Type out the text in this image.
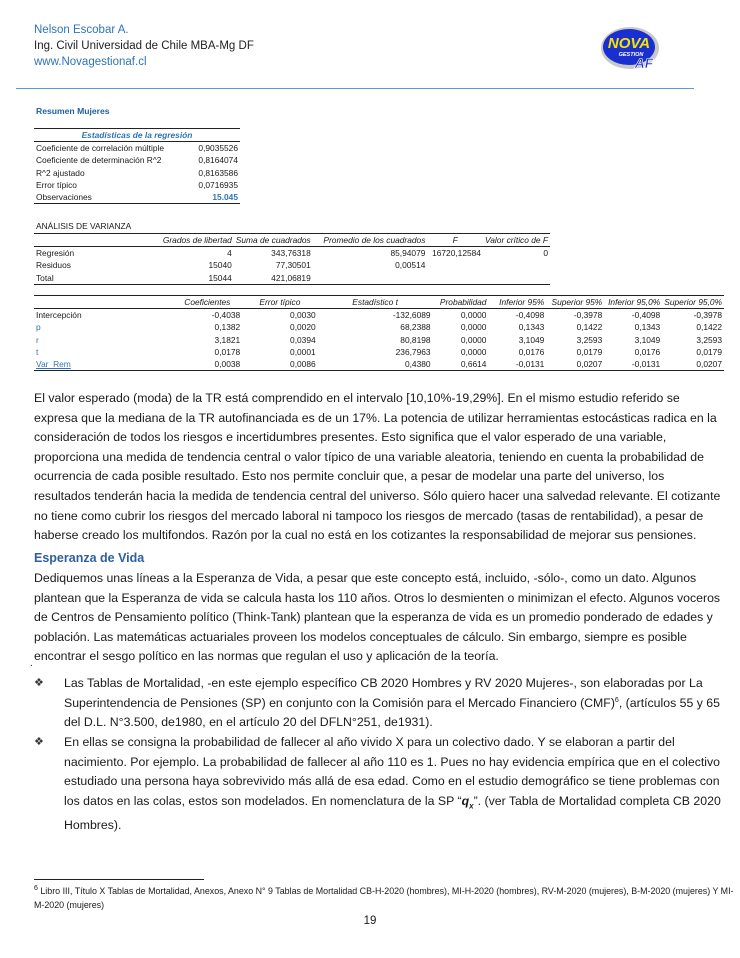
Nelson Escobar A.
Ing. Civil Universidad de Chile MBA-Mg DF
www.Novagestionaf.cl
NOVA
GESTION
AF
Resumen Mujeres
Estadísticas de la regresión	
Coeficiente de correlación múltiple	0,9035526
Coeficiente de determinación R^2	0,8164074
R^2 ajustado	0,8163586
Error típico	0,0716935
Observaciones	15.045
ANÁLISIS DE VARIANZA
	Grados de libertad	Suma de cuadrados	Promedio de los cuadrados	F	Valor crítico de F
Regresión	4	343,76318	85,94079	16720,12584	0
Residuos	15040	77,30501	0,00514		
Total	15044	421,06819			
	Coeficientes	Error típico	Estadístico t	Probabilidad	Inferior 95%	Superior 95%	Inferior 95,0%	Superior 95,0%
Intercepción	-0,4038	0,0030	-132,6089	0,0000	-0,4098	-0,3978	-0,4098	-0,3978
p	0,1382	0,0020	68,2388	0,0000	0,1343	0,1422	0,1343	0,1422
r	3,1821	0,0394	80,8198	0,0000	3,1049	3,2593	3,1049	3,2593
t	0,0178	0,0001	236,7963	0,0000	0,0176	0,0179	0,0176	0,0179
Var_Rem	0,0038	0,0086	0,4380	0,6614	-0,0131	0,0207	-0,0131	0,0207
El valor esperado (moda) de la TR está comprendido en el intervalo [10,10%-19,29%]. En el mismo estudio referido se expresa que la mediana de la TR autofinanciada es de un 17%. La potencia de utilizar herramientas estocásticas radica en la consideración de todos los riesgos e incertidumbres presentes. Esto significa que el valor esperado de una variable, proporciona una medida de tendencia central o valor típico de una variable aleatoria, teniendo en cuenta la probabilidad de ocurrencia de cada posible resultado. Esto nos permite concluir que, a pesar de modelar una parte del universo, los resultados tenderán hacia la medida de tendencia central del universo. Sólo quiero hacer una salvedad relevante. El cotizante no tiene como cubrir los riesgos del mercado laboral ni tampoco los riesgos de mercado (tasas de rentabilidad), a pesar de haberse creado los multifondos. Razón por la cual no está en los cotizantes la responsabilidad de mejorar sus pensiones.
Esperanza de Vida
Dediquemos unas líneas a la Esperanza de Vida, a pesar que este concepto está, incluido, -sólo-, como un dato. Algunos plantean que la Esperanza de vida se calcula hasta los 110 años. Otros lo desmienten o minimizan el efecto. Algunos voceros de Centros de Pensamiento político (Think-Tank) plantean que la esperanza de vida es un promedio ponderado de edades y población. Las matemáticas actuariales proveen los modelos conceptuales de cálculo. Sin embargo, siempre es posible encontrar el sesgo político en las normas que regulan el uso y aplicación de la teoría.
.
❖ Las Tablas de Mortalidad, -en este ejemplo específico CB 2020 Hombres y RV 2020 Mujeres-, son elaboradas por La Superintendencia de Pensiones (SP) en conjunto con la Comisión para el Mercado Financiero (CMF)$^6$, (artículos 55 y 65 del D.L. N°3.500, de1980, en el artículo 20 del DFLN°251, de1931).
❖ En ellas se consigna la probabilidad de fallecer al año vivido X para un colectivo dado. Y se elaboran a partir del nacimiento. Por ejemplo. La probabilidad de fallecer al año 110 es 1. Pues no hay evidencia empírica que en el colectivo estudiado una persona haya sobrevivido más allá de esa edad. Como en el estudio demográfico se tiene problemas con los datos en las colas, estos son modelados. En nomenclatura de la SP “$q_x$”. (ver Tabla de Mortalidad completa CB 2020 Hombres).
$^6$ Libro III, Título X Tablas de Mortalidad, Anexos, Anexo N° 9 Tablas de Mortalidad CB-H-2020 (hombres), MI-H-2020 (hombres), RV-M-2020 (mujeres), B-M-2020 (mujeres) Y MI-M-2020 (mujeres)
19
